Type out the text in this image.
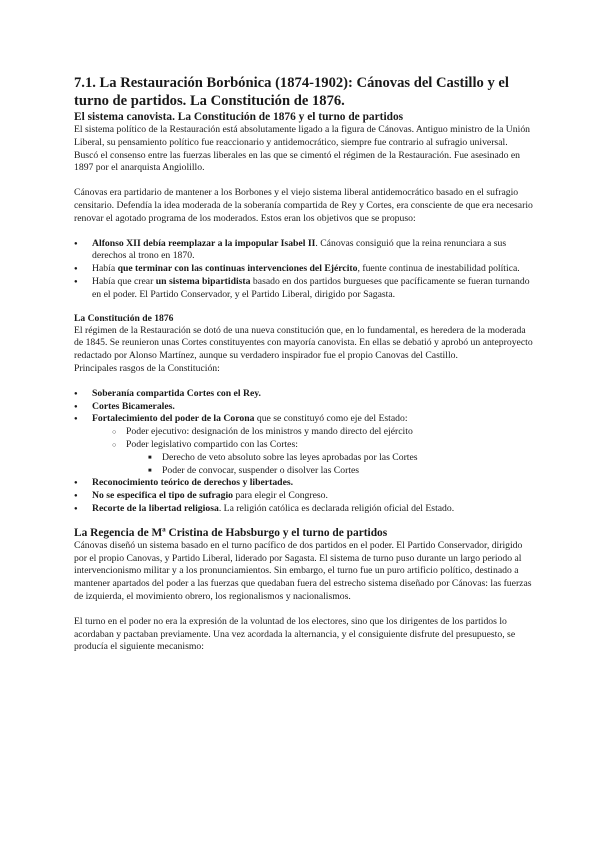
7.1. La Restauración Borbónica (1874-1902): Cánovas del Castillo y el turno de partidos. La Constitución de 1876.
El sistema canovista. La Constitución de 1876 y el turno de partidos

El sistema político de la Restauración está absolutamente ligado a la figura de Cánovas. Antiguo ministro de la Unión Liberal, su pensamiento político fue reaccionario y antidemocrático, siempre fue contrario al sufragio universal. Buscó el consenso entre las fuerzas liberales en las que se cimentó el régimen de la Restauración. Fue asesinado en 1897 por el anarquista Angiolillo.

Cánovas era partidario de mantener a los Borbones y el viejo sistema liberal antidemocrático basado en el sufragio censitario. Defendía la idea moderada de la soberanía compartida de Rey y Cortes, era consciente de que era necesario renovar el agotado programa de los moderados. Estos eran los objetivos que se propuso:

● Alfonso XII debía reemplazar a la impopular Isabel II. Cánovas consiguió que la reina renunciara a sus derechos al trono en 1870.
● Había que terminar con las continuas intervenciones del Ejército, fuente continua de inestabilidad política.
● Había que crear un sistema bipartidista basado en dos partidos burgueses que pacíficamente se fueran turnando en el poder. El Partido Conservador, y el Partido Liberal, dirigido por Sagasta.
La Constitución de 1876

El régimen de la Restauración se dotó de una nueva constitución que, en lo fundamental, es heredera de la moderada de 1845. Se reunieron unas Cortes constituyentes con mayoría canovista. En ellas se debatió y aprobó un anteproyecto redactado por Alonso Martínez, aunque su verdadero inspirador fue el propio Canovas del Castillo.

Principales rasgos de la Constitución:

● Soberanía compartida Cortes con el Rey.
● Cortes Bicamerales.
● Fortalecimiento del poder de la Corona que se constituyó como eje del Estado:
○ Poder ejecutivo: designación de los ministros y mando directo del ejército
○ Poder legislativo compartido con las Cortes:
■ Derecho de veto absoluto sobre las leyes aprobadas por las Cortes
■ Poder de convocar, suspender o disolver las Cortes
● Reconocimiento teórico de derechos y libertades.
● No se especifica el tipo de sufragio para elegir el Congreso.
● Recorte de la libertad religiosa. La religión católica es declarada religión oficial del Estado.
La Regencia de Mª Cristina de Habsburgo y el turno de partidos

Cánovas diseñó un sistema basado en el turno pacífico de dos partidos en el poder. El Partido Conservador, dirigido por el propio Canovas, y Partido Liberal, liderado por Sagasta. El sistema de turno puso durante un largo periodo al intervencionismo militar y a los pronunciamientos. Sin embargo, el turno fue un puro artificio político, destinado a mantener apartados del poder a las fuerzas que quedaban fuera del estrecho sistema diseñado por Cánovas: las fuerzas de izquierda, el movimiento obrero, los regionalismos y nacionalismos.

El turno en el poder no era la expresión de la voluntad de los electores, sino que los dirigentes de los partidos lo acordaban y pactaban previamente. Una vez acordada la alternancia, y el consiguiente disfrute del presupuesto, se producía el siguiente mecanismo:
